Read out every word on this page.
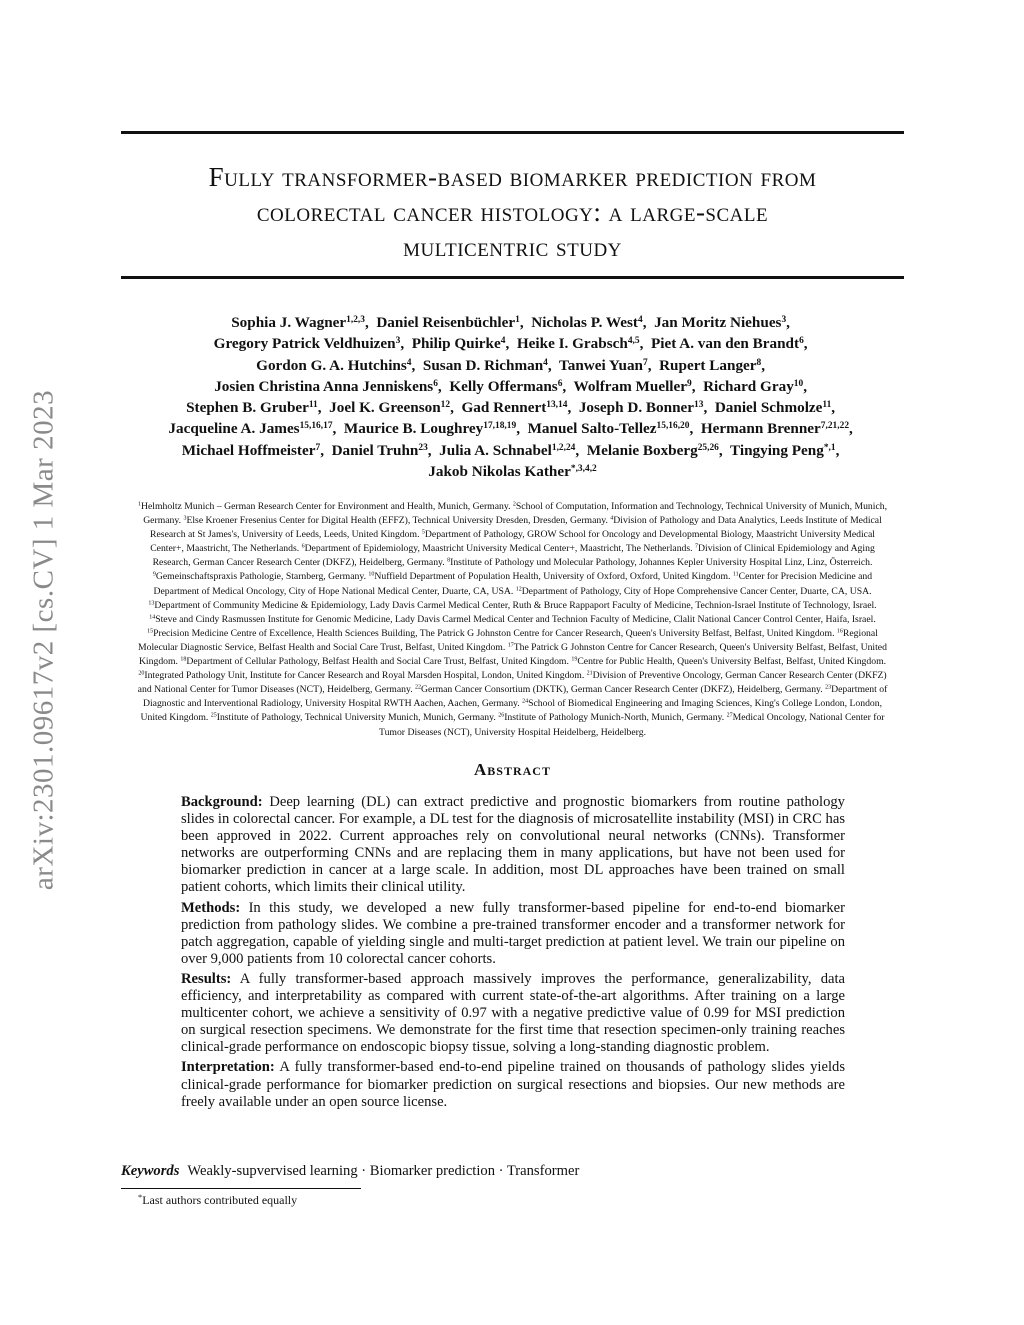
arXiv:2301.09617v2 [cs.CV] 1 Mar 2023
Fully transformer-based biomarker prediction from
colorectal cancer histology: a large-scale
multicentric study
Sophia J. Wagner$^{1,2,3}$,  Daniel Reisenbüchler$^1$,  Nicholas P. West$^4$,  Jan Moritz Niehues$^3$,
Gregory Patrick Veldhuizen$^3$,  Philip Quirke$^4$,  Heike I. Grabsch$^{4,5}$,  Piet A. van den Brandt$^6$,
Gordon G. A. Hutchins$^4$,  Susan D. Richman$^4$,  Tanwei Yuan$^7$,  Rupert Langer$^8$,
Josien Christina Anna Jenniskens$^6$,  Kelly Offermans$^6$,  Wolfram Mueller$^9$,  Richard Gray$^{10}$,
Stephen B. Gruber$^{11}$,  Joel K. Greenson$^{12}$,  Gad Rennert$^{13,14}$,  Joseph D. Bonner$^{13}$,  Daniel Schmolze$^{11}$,
Jacqueline A. James$^{15,16,17}$,  Maurice B. Loughrey$^{17,18,19}$,  Manuel Salto-Tellez$^{15,16,20}$,  Hermann Brenner$^{7,21,22}$,
Michael Hoffmeister$^7$,  Daniel Truhn$^{23}$,  Julia A. Schnabel$^{1,2,24}$,  Melanie Boxberg$^{25,26}$,  Tingying Peng$^{*,1}$,
Jakob Nikolas Kather$^{*,3,4,2}$
$^1$Helmholtz Munich – German Research Center for Environment and Health, Munich, Germany. $^2$School of Computation, Information and Technology, Technical University of Munich, Munich,
Germany. $^3$Else Kroener Fresenius Center for Digital Health (EFFZ), Technical University Dresden, Dresden, Germany. $^4$Division of Pathology and Data Analytics, Leeds Institute of Medical
Research at St James's, University of Leeds, Leeds, United Kingdom. $^5$Department of Pathology, GROW School for Oncology and Developmental Biology, Maastricht University Medical
Center+, Maastricht, The Netherlands. $^6$Department of Epidemiology, Maastricht University Medical Center+, Maastricht, The Netherlands. $^7$Division of Clinical Epidemiology and Aging
Research, German Cancer Research Center (DKFZ), Heidelberg, Germany. $^8$Institute of Pathology und Molecular Pathology, Johannes Kepler University Hospital Linz, Linz, Österreich.
$^9$Gemeinschaftspraxis Pathologie, Starnberg, Germany. $^{10}$Nuffield Department of Population Health, University of Oxford, Oxford, United Kingdom. $^{11}$Center for Precision Medicine and
Department of Medical Oncology, City of Hope National Medical Center, Duarte, CA, USA. $^{12}$Department of Pathology, City of Hope Comprehensive Cancer Center, Duarte, CA, USA.
$^{13}$Department of Community Medicine & Epidemiology, Lady Davis Carmel Medical Center, Ruth & Bruce Rappaport Faculty of Medicine, Technion-Israel Institute of Technology, Israel.
$^{14}$Steve and Cindy Rasmussen Institute for Genomic Medicine, Lady Davis Carmel Medical Center and Technion Faculty of Medicine, Clalit National Cancer Control Center, Haifa, Israel.
$^{15}$Precision Medicine Centre of Excellence, Health Sciences Building, The Patrick G Johnston Centre for Cancer Research, Queen's University Belfast, Belfast, United Kingdom. $^{16}$Regional
Molecular Diagnostic Service, Belfast Health and Social Care Trust, Belfast, United Kingdom. $^{17}$The Patrick G Johnston Centre for Cancer Research, Queen's University Belfast, Belfast, United
Kingdom. $^{18}$Department of Cellular Pathology, Belfast Health and Social Care Trust, Belfast, United Kingdom. $^{19}$Centre for Public Health, Queen's University Belfast, Belfast, United Kingdom.
$^{20}$Integrated Pathology Unit, Institute for Cancer Research and Royal Marsden Hospital, London, United Kingdom. $^{21}$Division of Preventive Oncology, German Cancer Research Center (DKFZ)
and National Center for Tumor Diseases (NCT), Heidelberg, Germany. $^{22}$German Cancer Consortium (DKTK), German Cancer Research Center (DKFZ), Heidelberg, Germany. $^{23}$Department of
Diagnostic and Interventional Radiology, University Hospital RWTH Aachen, Aachen, Germany. $^{24}$School of Biomedical Engineering and Imaging Sciences, King's College London, London,
United Kingdom. $^{25}$Institute of Pathology, Technical University Munich, Munich, Germany. $^{26}$Institute of Pathology Munich-North, Munich, Germany. $^{27}$Medical Oncology, National Center for
Tumor Diseases (NCT), University Hospital Heidelberg, Heidelberg.
Abstract

Background: Deep learning (DL) can extract predictive and prognostic biomarkers from routine pathology slides in colorectal cancer. For example, a DL test for the diagnosis of microsatellite instability (MSI) in CRC has been approved in 2022. Current approaches rely on convolutional neural networks (CNNs). Transformer networks are outperforming CNNs and are replacing them in many applications, but have not been used for biomarker prediction in cancer at a large scale. In addition, most DL approaches have been trained on small patient cohorts, which limits their clinical utility.

Methods: In this study, we developed a new fully transformer-based pipeline for end-to-end biomarker prediction from pathology slides. We combine a pre-trained transformer encoder and a transformer network for patch aggregation, capable of yielding single and multi-target prediction at patient level. We train our pipeline on over 9,000 patients from 10 colorectal cancer cohorts.

Results: A fully transformer-based approach massively improves the performance, generalizability, data efficiency, and interpretability as compared with current state-of-the-art algorithms. After training on a large multicenter cohort, we achieve a sensitivity of 0.97 with a negative predictive value of 0.99 for MSI prediction on surgical resection specimens. We demonstrate for the first time that resection specimen-only training reaches clinical-grade performance on endoscopic biopsy tissue, solving a long-standing diagnostic problem.

Interpretation: A fully transformer-based end-to-end pipeline trained on thousands of pathology slides yields clinical-grade performance for biomarker prediction on surgical resections and biopsies. Our new methods are freely available under an open source license.

Keywords Weakly-supvervised learning · Biomarker prediction · Transformer
*Last authors contributed equally
